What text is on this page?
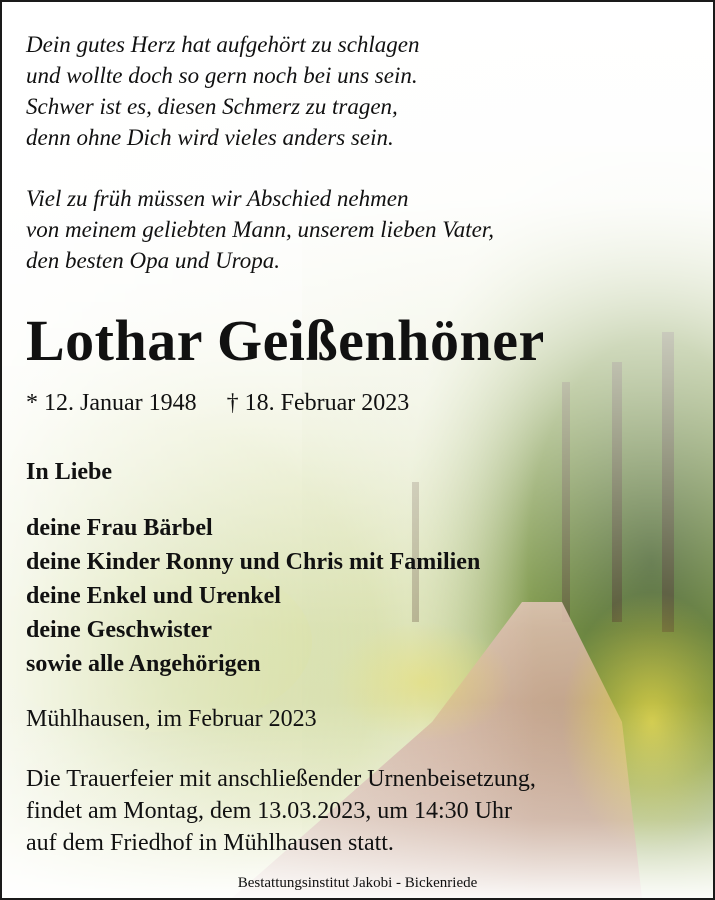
Dein gutes Herz hat aufgehört zu schlagen
und wollte doch so gern noch bei uns sein.
Schwer ist es, diesen Schmerz zu tragen,
denn ohne Dich wird vieles anders sein.
Viel zu früh müssen wir Abschied nehmen
von meinem geliebten Mann, unserem lieben Vater,
den besten Opa und Uropa.
Lothar Geißenhöner
* 12. Januar 1948 † 18. Februar 2023
In Liebe
deine Frau Bärbel
deine Kinder Ronny und Chris mit Familien
deine Enkel und Urenkel
deine Geschwister
sowie alle Angehörigen
Mühlhausen, im Februar 2023
Die Trauerfeier mit anschließender Urnenbeisetzung,
findet am Montag, dem 13.03.2023, um 14:30 Uhr
auf dem Friedhof in Mühlhausen statt.
Bestattungsinstitut Jakobi - Bickenriede
